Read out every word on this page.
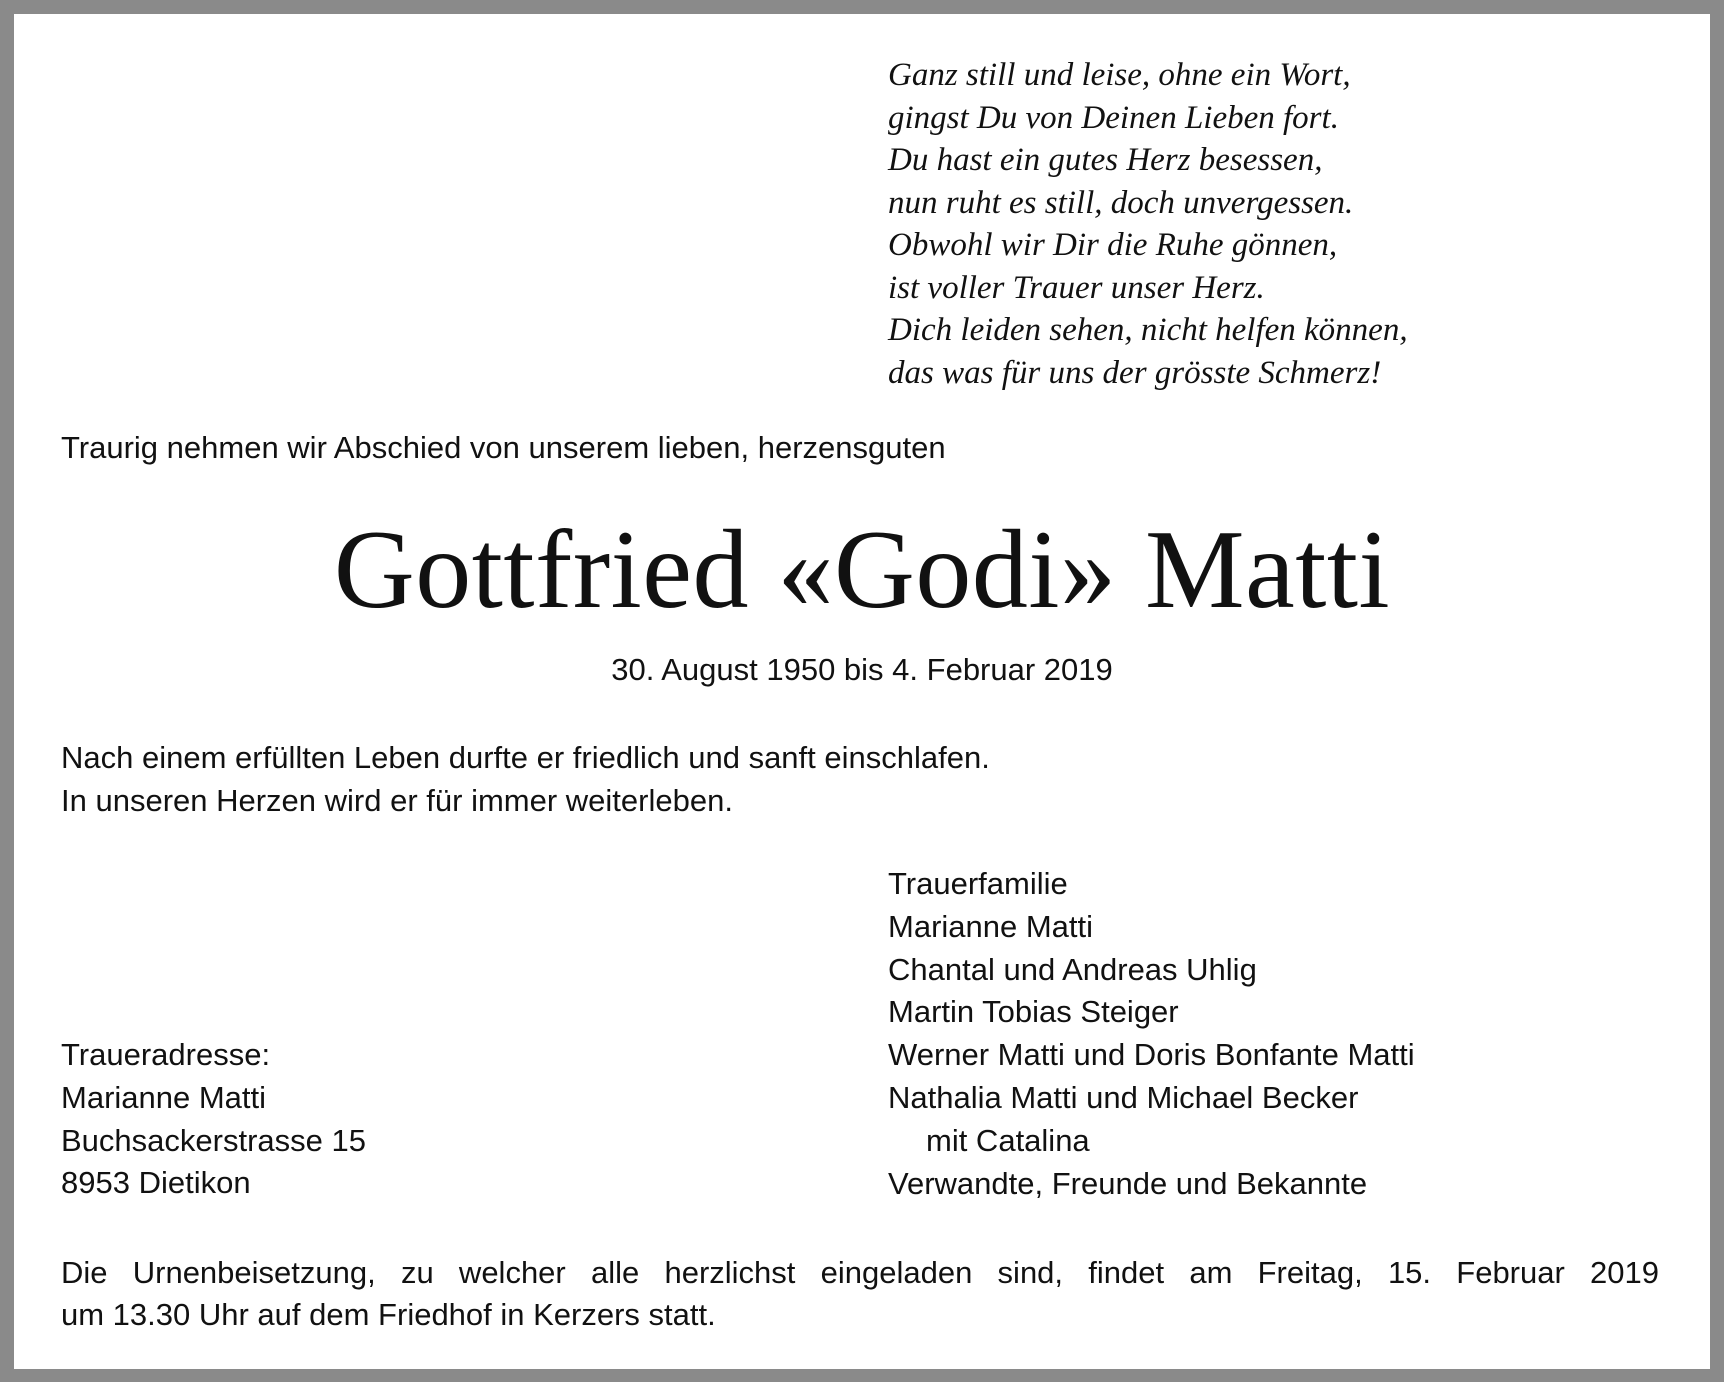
Ganz still und leise, ohne ein Wort,
gingst Du von Deinen Lieben fort.
Du hast ein gutes Herz besessen,
nun ruht es still, doch unvergessen.
Obwohl wir Dir die Ruhe gönnen,
ist voller Trauer unser Herz.
Dich leiden sehen, nicht helfen können,
das was für uns der grösste Schmerz!
Traurig nehmen wir Abschied von unserem lieben, herzensguten
Gottfried «Godi» Matti
30. August 1950 bis 4. Februar 2019
Nach einem erfüllten Leben durfte er friedlich und sanft einschlafen.
In unseren Herzen wird er für immer weiterleben.
Trauerfamilie
Marianne Matti
Chantal und Andreas Uhlig
Martin Tobias Steiger
Werner Matti und Doris Bonfante Matti
Nathalia Matti und Michael Becker
mit Catalina
Verwandte, Freunde und Bekannte
Traueradresse:
Marianne Matti
Buchsackerstrasse 15
8953 Dietikon
Die Urnenbeisetzung, zu welcher alle herzlichst eingeladen sind, findet am Freitag, 15. Februar 2019
um 13.30 Uhr auf dem Friedhof in Kerzers statt.
